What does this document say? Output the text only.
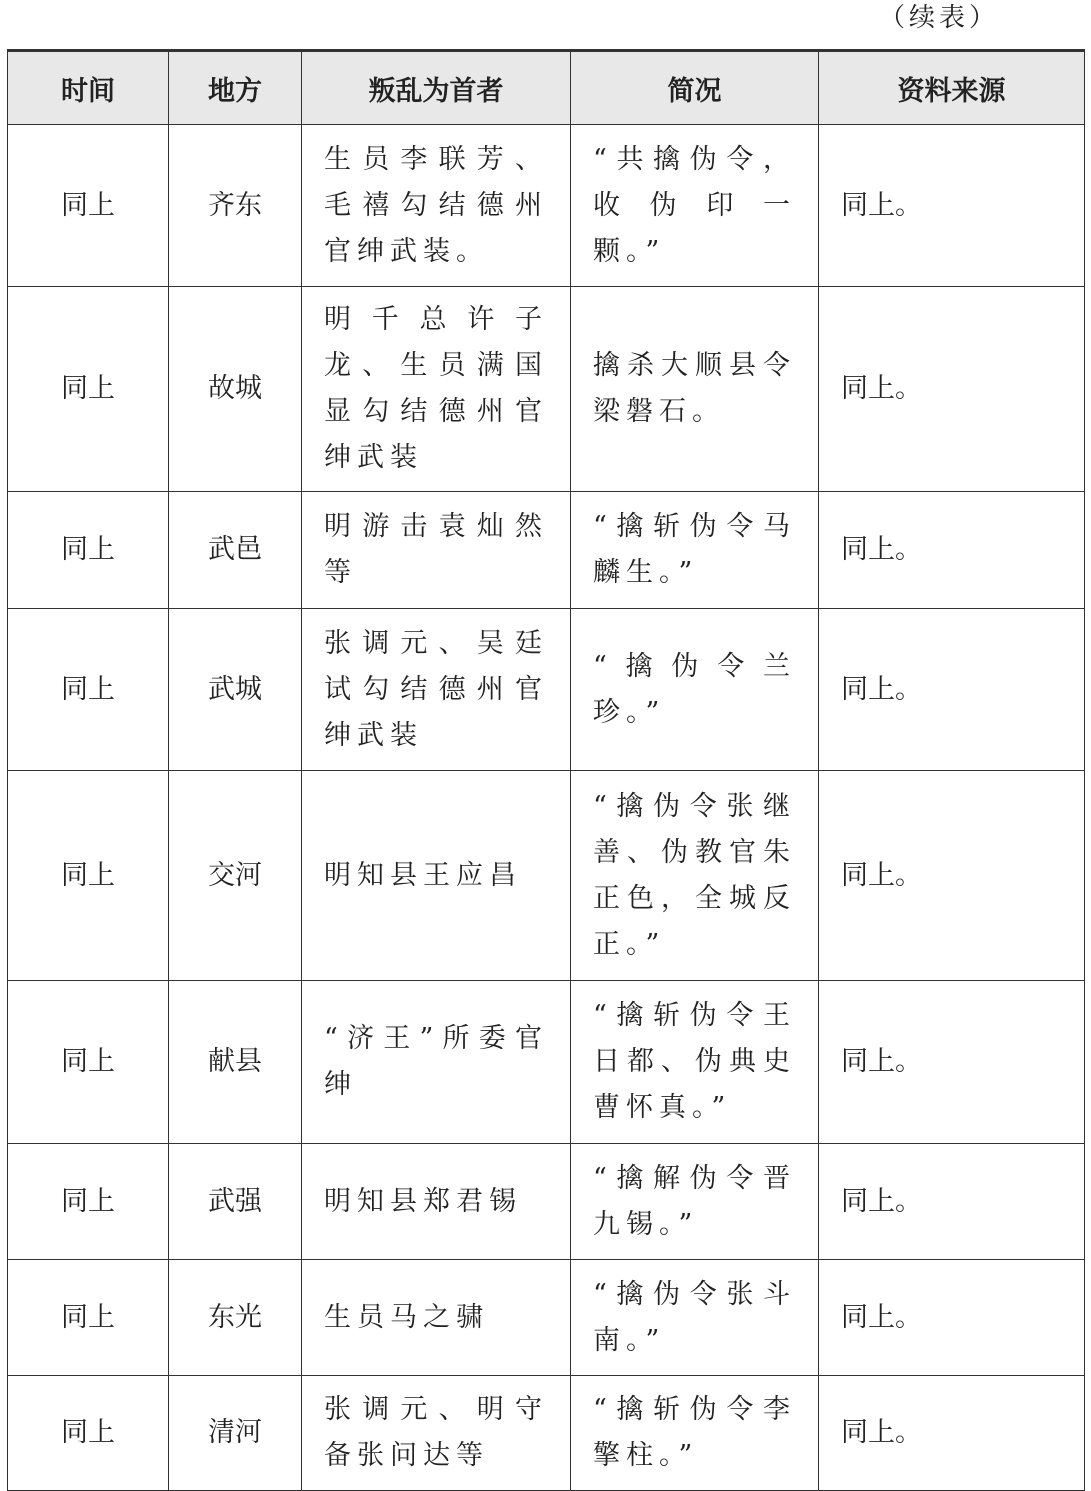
（续表）
时间	地方	叛乱为首者	简况	资料来源
同上	齐东	生员李联芳、毛禧勾结德州官绅武装。	“共擒伪令，收伪印一颗。”	同上。
同上	故城	明千总许子龙、生员满国显勾结德州官绅武装	擒杀大顺县令梁磐石。	同上。
同上	武邑	明游击袁灿然等	“擒斩伪令马麟生。”	同上。
同上	武城	张调元、吴廷试勾结德州官绅武装	“擒伪令兰珍。”	同上。
同上	交河	明知县王应昌	“擒伪令张继善、伪教官朱正色，全城反正。”	同上。
同上	献县	“济王”所委官绅	“擒斩伪令王日都、伪典史曹怀真。”	同上。
同上	武强	明知县郑君锡	“擒解伪令晋九锡。”	同上。
同上	东光	生员马之骕	“擒伪令张斗南。”	同上。
同上	清河	张调元、明守备张问达等	“擒斩伪令李擎柱。”	同上。
